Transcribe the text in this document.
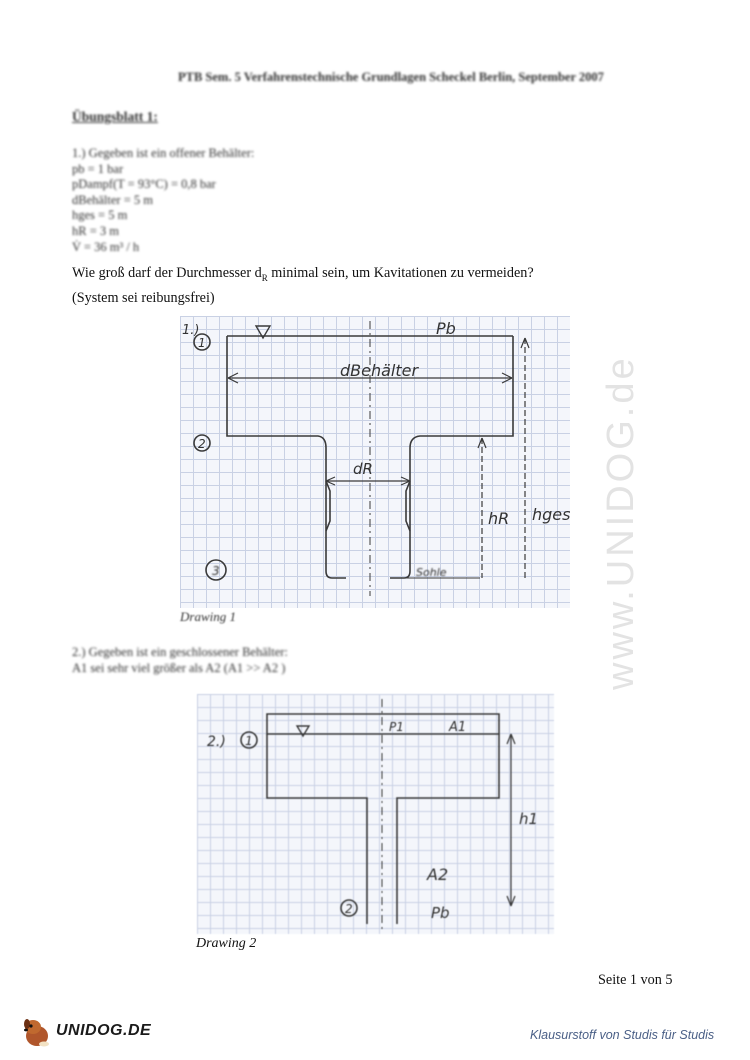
PTB Sem. 5 Verfahrenstechnische Grundlagen Scheckel Berlin, September 2007
Übungsblatt 1:
1.) Gegeben ist ein offener Behälter:
pb = 1 bar
pDampf(T = 93°C) = 0,8 bar
dBehälter = 5 m
hges = 5 m
hR = 3 m
V̇ = 36 m³ / h
Wie groß darf der Durchmesser $d_R$ minimal sein, um Kavitationen zu vermeiden?
(System sei reibungsfrei)
1.)
1
2
Pb
dBehälter
dR
hR hges
Sohle
3
Drawing 1
2.) Gegeben ist ein geschlossener Behälter:
A1 sei sehr viel größer als A2 (A1 >> A2 )
2.) 1
P1	A1
h1
A2
Pb
2
Drawing 2
Seite 1 von 5
www.UNIDOG.de
UNIDOG.DE	Klausurstoff von Studis für Studis
